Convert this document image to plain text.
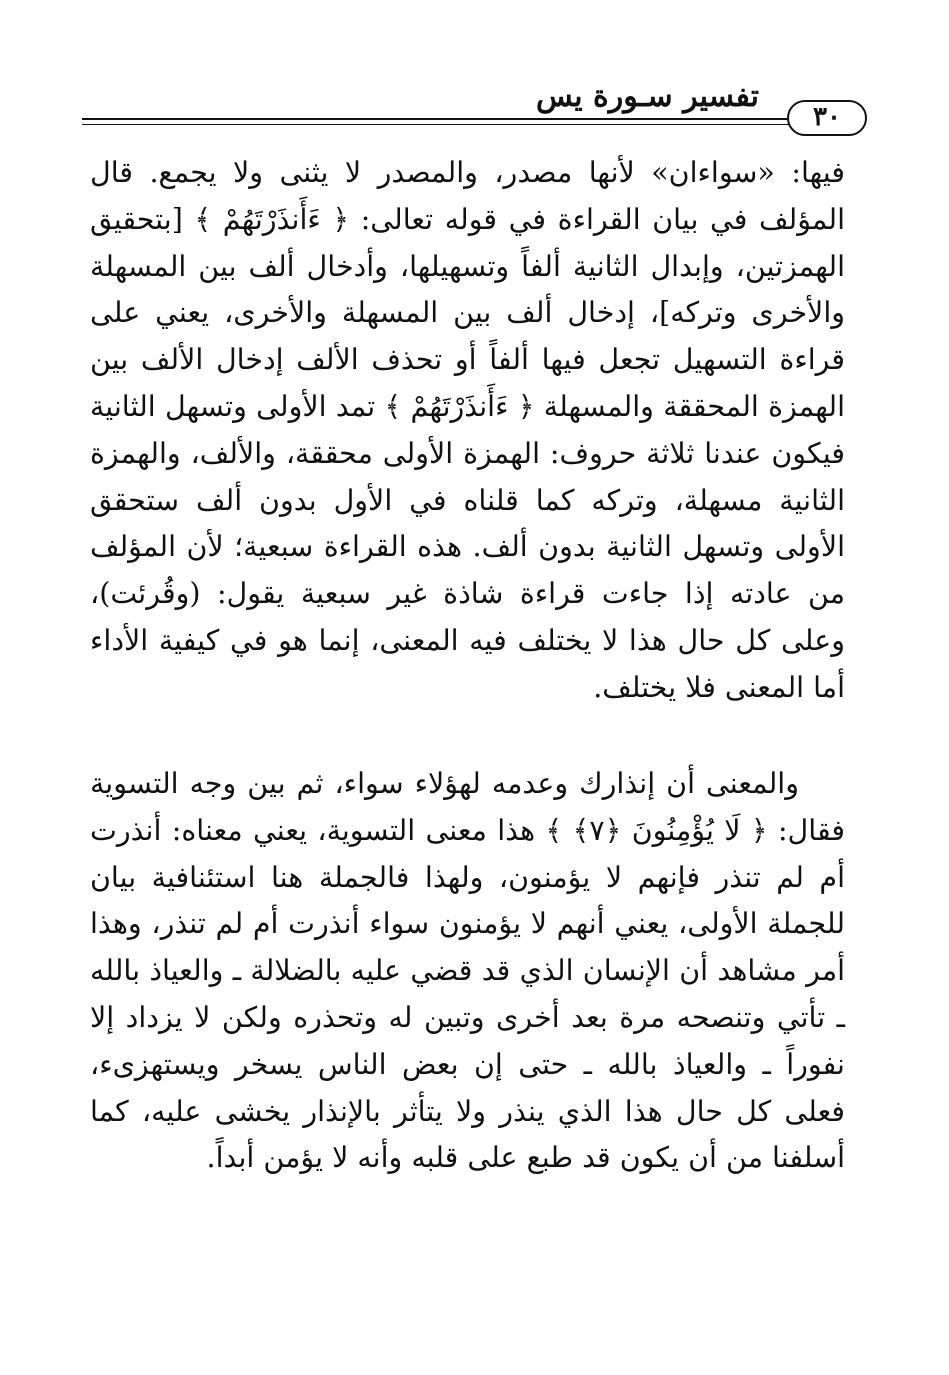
تفسير سـورة يس
٣٠

فيها: «سواءان» لأنها مصدر، والمصدر لا يثنى ولا يجمع. قال المؤلف في بيان القراءة في قوله تعالى: ﴿ ءَأَنذَرْتَهُمْ ﴾ [بتحقيق الهمزتين، وإبدال الثانية ألفاً وتسهيلها، وأدخال ألف بين المسهلة والأخرى وتركه]، إدخال ألف بين المسهلة والأخرى، يعني على قراءة التسهيل تجعل فيها ألفاً أو تحذف الألف إدخال الألف بين الهمزة المحققة والمسهلة ﴿ ءَأَنذَرْتَهُمْ ﴾ تمد الأولى وتسهل الثانية فيكون عندنا ثلاثة حروف: الهمزة الأولى محققة، والألف، والهمزة الثانية مسهلة، وتركه كما قلناه في الأول بدون ألف ستحقق الأولى وتسهل الثانية بدون ألف. هذه القراءة سبعية؛ لأن المؤلف من عادته إذا جاءت قراءة شاذة غير سبعية يقول: (وقُرئت)، وعلى كل حال هذا لا يختلف فيه المعنى، إنما هو في كيفية الأداء أما المعنى فلا يختلف.

والمعنى أن إنذارك وعدمه لهؤلاء سواء، ثم بين وجه التسوية فقال: ﴿ لَا يُؤْمِنُونَ ﴿٧﴾ ﴾ هذا معنى التسوية، يعني معناه: أنذرت أم لم تنذر فإنهم لا يؤمنون، ولهذا فالجملة هنا استئنافية بيان للجملة الأولى، يعني أنهم لا يؤمنون سواء أنذرت أم لم تنذر، وهذا أمر مشاهد أن الإنسان الذي قد قضي عليه بالضلالة ـ والعياذ بالله ـ تأتي وتنصحه مرة بعد أخرى وتبين له وتحذره ولكن لا يزداد إلا نفوراً ـ والعياذ بالله ـ حتى إن بعض الناس يسخر ويستهزىء، فعلى كل حال هذا الذي ينذر ولا يتأثر بالإنذار يخشى عليه، كما أسلفنا من أن يكون قد طبع على قلبه وأنه لا يؤمن أبداً.
